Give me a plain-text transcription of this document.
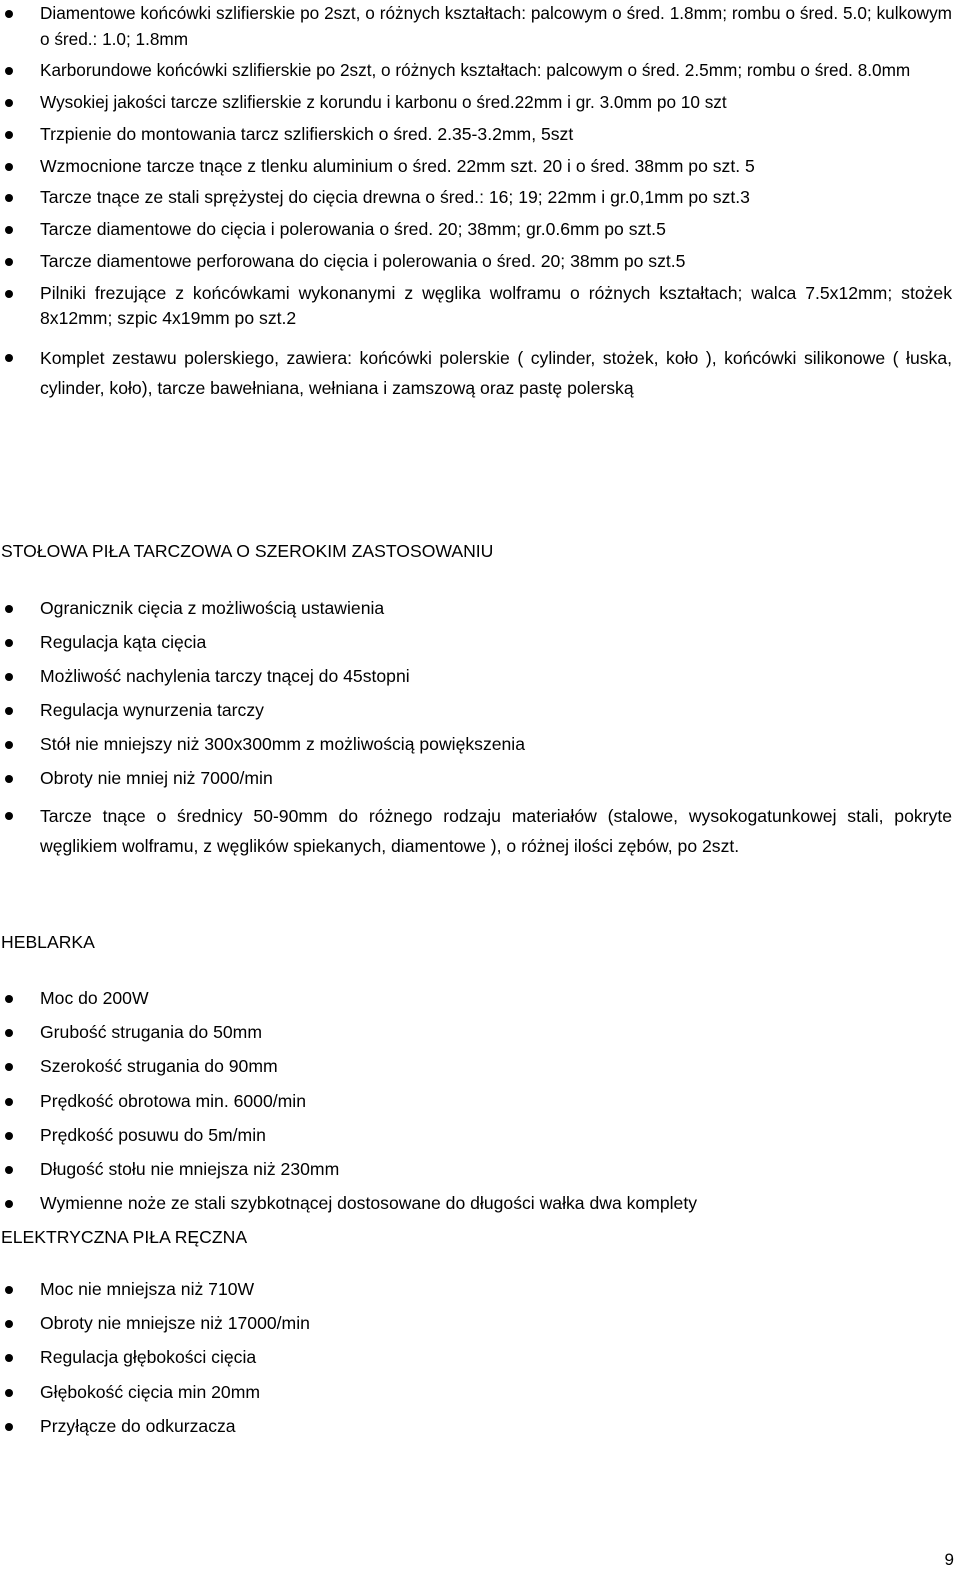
Diamentowe końcówki szlifierskie po 2szt, o różnych kształtach: palcowym o śred. 1.8mm; rombu o śred. 5.0; kulkowym o śred.: 1.0; 1.8mm
Karborundowe końcówki szlifierskie po 2szt, o różnych kształtach: palcowym o śred. 2.5mm; rombu o śred. 8.0mm
Wysokiej jakości tarcze szlifierskie z korundu i karbonu o śred.22mm i gr. 3.0mm po 10 szt
Trzpienie do montowania tarcz szlifierskich o śred. 2.35-3.2mm, 5szt
Wzmocnione tarcze tnące z tlenku aluminium o śred. 22mm szt. 20 i o śred. 38mm po szt. 5
Tarcze tnące ze stali sprężystej do cięcia drewna o śred.: 16; 19; 22mm i gr.0,1mm po szt.3
Tarcze diamentowe do cięcia i polerowania o śred. 20; 38mm; gr.0.6mm po szt.5
Tarcze diamentowe perforowana do cięcia i polerowania o śred. 20; 38mm po szt.5
Pilniki frezujące z końcówkami wykonanymi z węglika wolframu o różnych kształtach; walca 7.5x12mm; stożek 8x12mm; szpic 4x19mm po szt.2
Komplet zestawu polerskiego, zawiera: końcówki polerskie ( cylinder, stożek, koło ), końcówki silikonowe ( łuska, cylinder, koło), tarcze bawełniana, wełniana i zamszową oraz pastę polerską
STOŁOWA PIŁA TARCZOWA O SZEROKIM ZASTOSOWANIU
Ogranicznik cięcia z możliwością ustawienia
Regulacja kąta cięcia
Możliwość nachylenia tarczy tnącej do 45stopni
Regulacja wynurzenia tarczy
Stół nie mniejszy niż 300x300mm z możliwością powiększenia
Obroty nie mniej niż 7000/min
Tarcze tnące o średnicy 50-90mm do różnego rodzaju materiałów (stalowe, wysokogatunkowej stali, pokryte węglikiem wolframu, z węglików spiekanych, diamentowe ), o różnej ilości zębów, po 2szt.
HEBLARKA
Moc do 200W
Grubość strugania do 50mm
Szerokość strugania do 90mm
Prędkość obrotowa min. 6000/min
Prędkość posuwu do 5m/min
Długość stołu nie mniejsza niż 230mm
Wymienne noże ze stali szybkotnącej dostosowane do długości wałka dwa komplety
ELEKTRYCZNA PIŁA RĘCZNA
Moc nie mniejsza niż 710W
Obroty nie mniejsze niż 17000/min
Regulacja głębokości cięcia
Głębokość cięcia min 20mm
Przyłącze do odkurzacza
9
